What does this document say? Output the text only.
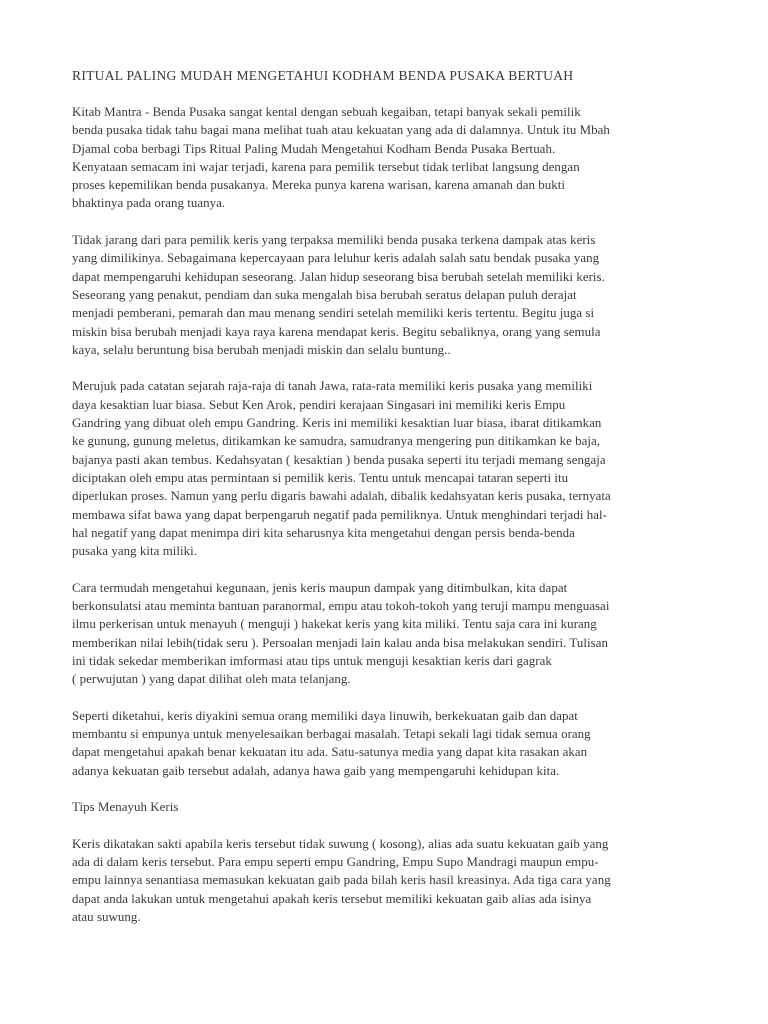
RITUAL PALING MUDAH MENGETAHUI KODHAM BENDA PUSAKA BERTUAH
Kitab Mantra - Benda Pusaka sangat kental dengan sebuah kegaiban, tetapi banyak sekali pemilik
benda pusaka tidak tahu bagai mana melihat tuah atau kekuatan yang ada di dalamnya. Untuk itu Mbah
Djamal coba berbagi Tips Ritual Paling Mudah Mengetahui Kodham Benda Pusaka Bertuah.
Kenyataan semacam ini wajar terjadi, karena para pemilik tersebut tidak terlibat langsung dengan
proses kepemilikan benda pusakanya. Mereka punya karena warisan, karena amanah dan bukti
bhaktinya pada orang tuanya.
Tidak jarang dari para pemilik keris yang terpaksa memiliki benda pusaka terkena dampak atas keris
yang dimilikinya. Sebagaimana kepercayaan para leluhur keris adalah salah satu bendak pusaka yang
dapat mempengaruhi kehidupan seseorang. Jalan hidup seseorang bisa berubah setelah memiliki keris.
Seseorang yang penakut, pendiam dan suka mengalah bisa berubah seratus delapan puluh derajat
menjadi pemberani, pemarah dan mau menang sendiri setelah memiliki keris tertentu. Begitu juga si
miskin bisa berubah menjadi kaya raya karena mendapat keris. Begitu sebaliknya, orang yang semula
kaya, selalu beruntung bisa berubah menjadi miskin dan selalu buntung..
Merujuk pada catatan sejarah raja-raja di tanah Jawa, rata-rata memiliki keris pusaka yang memiliki
daya kesaktian luar biasa. Sebut Ken Arok, pendiri kerajaan Singasari ini memiliki keris Empu
Gandring yang dibuat oleh empu Gandring. Keris ini memiliki kesaktian luar biasa, ibarat ditikamkan
ke gunung, gunung meletus, ditikamkan ke samudra, samudranya mengering pun ditikamkan ke baja,
bajanya pasti akan tembus. Kedahsyatan ( kesaktian ) benda pusaka seperti itu terjadi memang sengaja
diciptakan oleh empu atas permintaan si pemilik keris. Tentu untuk mencapai tataran seperti itu
diperlukan proses. Namun yang perlu digaris bawahi adalah, dibalik kedahsyatan keris pusaka, ternyata
membawa sifat bawa yang dapat berpengaruh negatif pada pemiliknya. Untuk menghindari terjadi hal-
hal negatif yang dapat menimpa diri kita seharusnya kita mengetahui dengan persis benda-benda
pusaka yang kita miliki.
Cara termudah mengetahui kegunaan, jenis keris maupun dampak yang ditimbulkan, kita dapat
berkonsulatsi atau meminta bantuan paranormal, empu atau tokoh-tokoh yang teruji mampu menguasai
ilmu perkerisan untuk menayuh ( menguji ) hakekat keris yang kita miliki. Tentu saja cara ini kurang
memberikan nilai lebih(tidak seru ). Persoalan menjadi lain kalau anda bisa melakukan sendiri. Tulisan
ini tidak sekedar memberikan imformasi atau tips untuk menguji kesaktian keris dari gagrak
( perwujutan ) yang dapat dilihat oleh mata telanjang.
Seperti diketahui, keris diyakini semua orang memiliki daya linuwih, berkekuatan gaib dan dapat
membantu si empunya untuk menyelesaikan berbagai masalah. Tetapi sekali lagi tidak semua orang
dapat mengetahui apakah benar kekuatan itu ada. Satu-satunya media yang dapat kita rasakan akan
adanya kekuatan gaib tersebut adalah, adanya hawa gaib yang mempengaruhi kehidupan kita.
Tips Menayuh Keris
Keris dikatakan sakti apabila keris tersebut tidak suwung ( kosong), alias ada suatu kekuatan gaib yang
ada di dalam keris tersebut. Para empu seperti empu Gandring, Empu Supo Mandragi maupun empu-
empu lainnya senantiasa memasukan kekuatan gaib pada bilah keris hasil kreasinya. Ada tiga cara yang
dapat anda lakukan untuk mengetahui apakah keris tersebut memiliki kekuatan gaib alias ada isinya
atau suwung.
